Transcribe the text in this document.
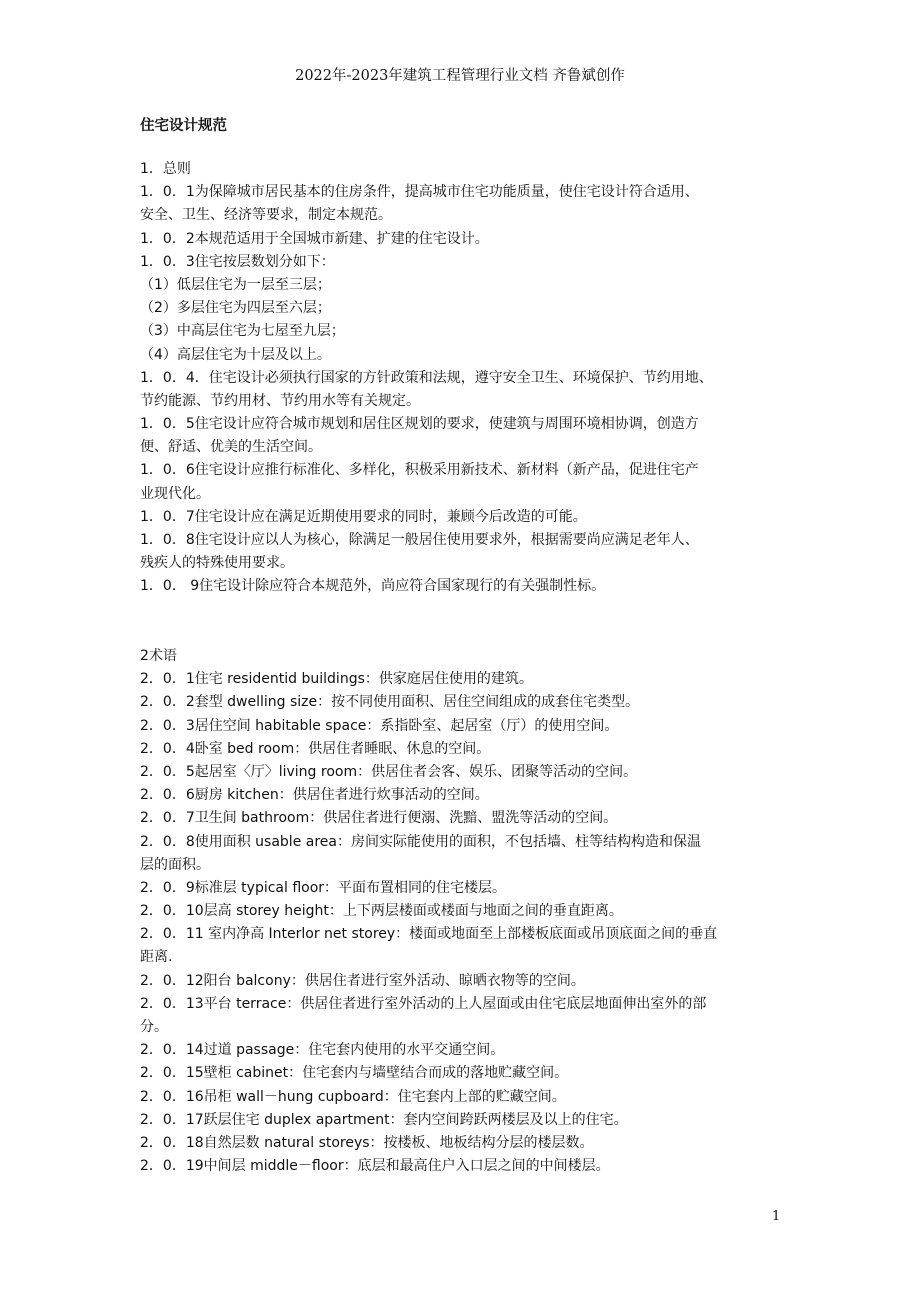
2022年-2023年建筑工程管理行业文档 齐鲁斌创作
住宅设计规范
1．总则
1．0．1为保障城市居民基本的住房条件，提高城市住宅功能质量，使住宅设计符合适用、
安全、卫生、经济等要求，制定本规范。
1．0．2本规范适用于全国城市新建、扩建的住宅设计。
1．0．3住宅按层数划分如下：
（1）低层住宅为一层至三层；
（2）多层住宅为四层至六层；
（3）中高层住宅为七屋至九层；
（4）高层住宅为十层及以上。
1．0．4．住宅设计必须执行国家的方针政策和法规，遵守安全卫生、环境保护、节约用地、
节约能源、节约用材、节约用水等有关规定。
1．0．5住宅设计应符合城市规划和居住区规划的要求，使建筑与周围环境相协调，创造方
便、舒适、优美的生活空间。
1．0．6住宅设计应推行标准化、多样化，积极采用新技术、新材料（新产品，促进住宅产
业现代化。
1．0．7住宅设计应在满足近期使用要求的同时，兼顾今后改造的可能。
1．0．8住宅设计应以人为核心，除满足一般居住使用要求外，根据需要尚应满足老年人、
残疾人的特殊使用要求。
1．0． 9住宅设计除应符合本规范外，尚应符合国家现行的有关强制性标。
2术语
2．0．1住宅 residentid buildings：供家庭居住使用的建筑。
2．0．2套型 dwelling size：按不同使用面积、居住空间组成的成套住宅类型。
2．0．3居住空间 habitable space：系指卧室、起居室（厅）的使用空间。
2．0．4卧室 bed room：供居住者睡眠、休息的空间。
2．0．5起居室〈厅〉living room：供居住者会客、娱乐、团聚等活动的空间。
2．0．6厨房 kitchen：供居住者进行炊事活动的空间。
2．0．7卫生间 bathroom：供居住者进行便溺、洗黯、盟洗等活动的空间。
2．0．8使用面积 usable area：房间实际能使用的面积，不包括墙、柱等结构构造和保温
层的面积。
2．0．9标准层 typical floor：平面布置相同的住宅楼层。
2．0．10层高 storey height：上下两层楼面或楼面与地面之间的垂直距离。
2．0．11 室内净高 Interlor net storey：楼面或地面至上部楼板底面或吊顶底面之间的垂直
距离.
2．0．12阳台 balcony：供居住者进行室外活动、晾晒衣物等的空间。
2．0．13平台 terrace：供居住者进行室外活动的上人屋面或由住宅底层地面伸出室外的部
分。
2．0．14过道 passage：住宅套内使用的水平交通空间。
2．0．15壁柜 cabinet：住宅套内与墙壁结合而成的落地贮藏空间。
2．0．16吊柜 wall－hung cupboard：住宅套内上部的贮藏空间。
2．0．17跃层住宅 duplex apartment：套内空间跨跃两楼层及以上的住宅。
2．0．18自然层数 natural storeys：按楼板、地板结构分层的楼层数。
2．0．19中间层 middle－floor：底层和最高住户入口层之间的中间楼层。
1
